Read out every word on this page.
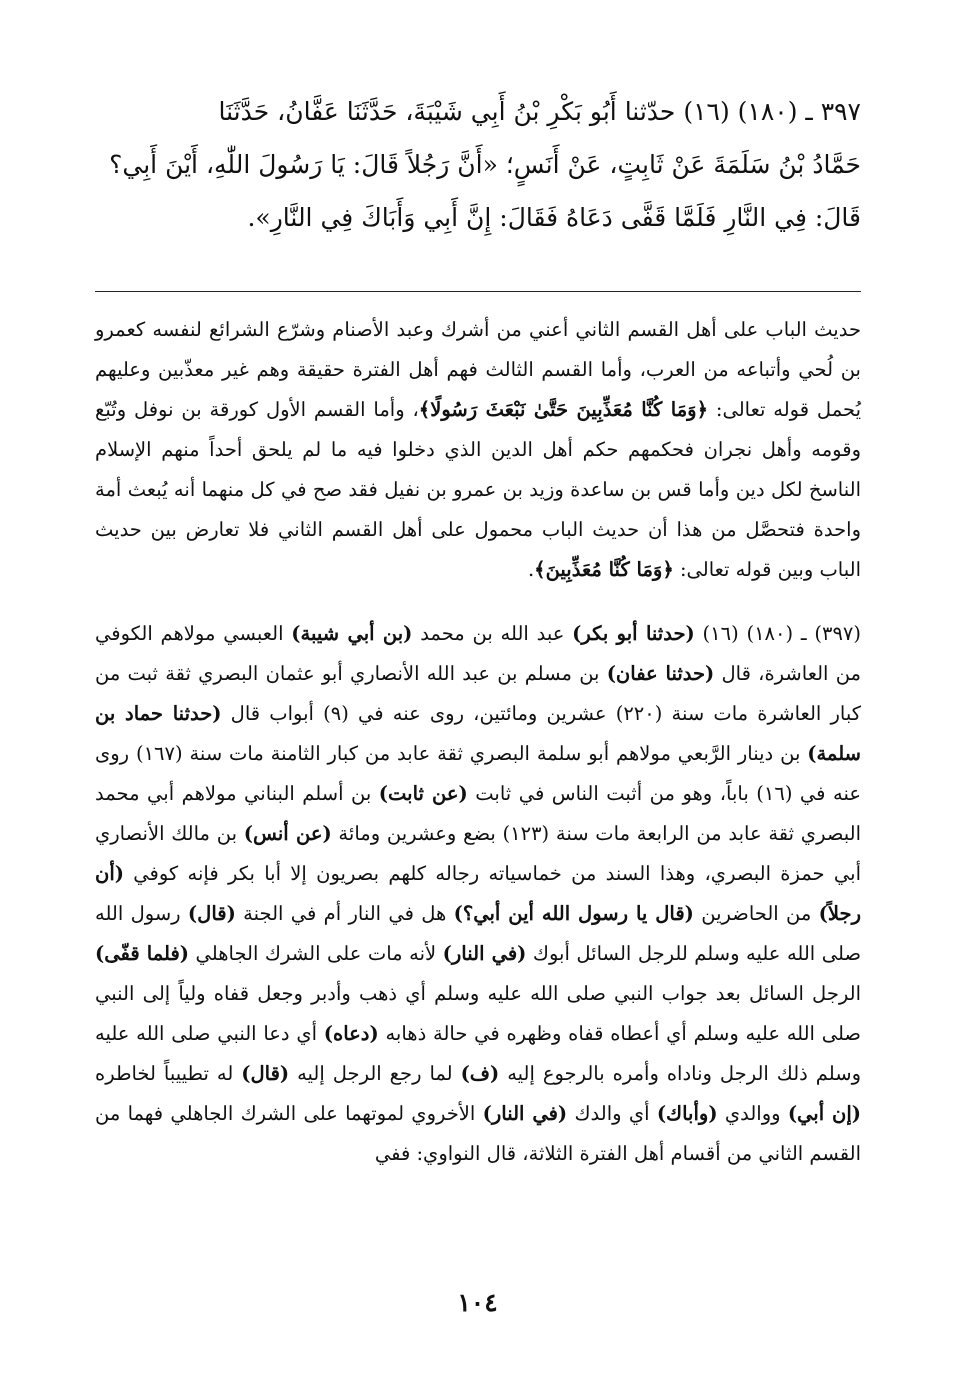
٣٩٧ ـ (١٨٠) (١٦) حدّثنا أَبُو بَكْرِ بْنُ أَبِي شَيْبَةَ، حَدَّثَنَا عَفَّانُ، حَدَّثَنَا
حَمَّادُ بْنُ سَلَمَةَ عَنْ ثَابِتٍ، عَنْ أَنَسٍ؛ «أَنَّ رَجُلاً قَالَ: يَا رَسُولَ اللّٰهِ، أَيْنَ أَبِي؟
قَالَ: فِي النَّارِ فَلَمَّا قَفَّى دَعَاهُ فَقَالَ: إِنَّ أَبِي وَأَبَاكَ فِي النَّارِ».
حديث الباب على أهل القسم الثاني أعني من أشرك وعبد الأصنام وشرّع الشرائع لنفسه كعمرو بن لُحي وأتباعه من العرب، وأما القسم الثالث فهم أهل الفترة حقيقة وهم غير معذّبين وعليهم يُحمل قوله تعالى: ﴿وَمَا كُنَّا مُعَذِّبِينَ حَتَّىٰ نَبْعَثَ رَسُولًا﴾، وأما القسم الأول كورقة بن نوفل وتُبّع وقومه وأهل نجران فحكمهم حكم أهل الدين الذي دخلوا فيه ما لم يلحق أحداً منهم الإسلام الناسخ لكل دين وأما قس بن ساعدة وزيد بن عمرو بن نفيل فقد صح في كل منهما أنه يُبعث أمة واحدة فتحصَّل من هذا أن حديث الباب محمول على أهل القسم الثاني فلا تعارض بين حديث الباب وبين قوله تعالى: ﴿وَمَا كُنَّا مُعَذِّبِينَ﴾.
(٣٩٧) ـ (١٨٠) (١٦) (حدثنا أبو بكر) عبد الله بن محمد (بن أبي شيبة) العبسي مولاهم الكوفي من العاشرة، قال (حدثنا عفان) بن مسلم بن عبد الله الأنصاري أبو عثمان البصري ثقة ثبت من كبار العاشرة مات سنة (٢٢٠) عشرين ومائتين، روى عنه في (٩) أبواب قال (حدثنا حماد بن سلمة) بن دينار الرَّبعي مولاهم أبو سلمة البصري ثقة عابد من كبار الثامنة مات سنة (١٦٧) روى عنه في (١٦) باباً، وهو من أثبت الناس في ثابت (عن ثابت) بن أسلم البناني مولاهم أبي محمد البصري ثقة عابد من الرابعة مات سنة (١٢٣) بضع وعشرين ومائة (عن أنس) بن مالك الأنصاري أبي حمزة البصري، وهذا السند من خماسياته رجاله كلهم بصريون إلا أبا بكر فإنه كوفي (أن رجلاً) من الحاضرين (قال يا رسول الله أين أبي؟) هل في النار أم في الجنة (قال) رسول الله صلى الله عليه وسلم للرجل السائل أبوك (في النار) لأنه مات على الشرك الجاهلي (فلما قفّى) الرجل السائل بعد جواب النبي صلى الله عليه وسلم أي ذهب وأدبر وجعل قفاه ولياً إلى النبي صلى الله عليه وسلم أي أعطاه قفاه وظهره في حالة ذهابه (دعاه) أي دعا النبي صلى الله عليه وسلم ذلك الرجل وناداه وأمره بالرجوع إليه (ف) لما رجع الرجل إليه (قال) له تطييباً لخاطره (إن أبي) ووالدي (وأباك) أي والدك (في النار) الأخروي لموتهما على الشرك الجاهلي فهما من القسم الثاني من أقسام أهل الفترة الثلاثة، قال النواوي: ففي
١٠٤
